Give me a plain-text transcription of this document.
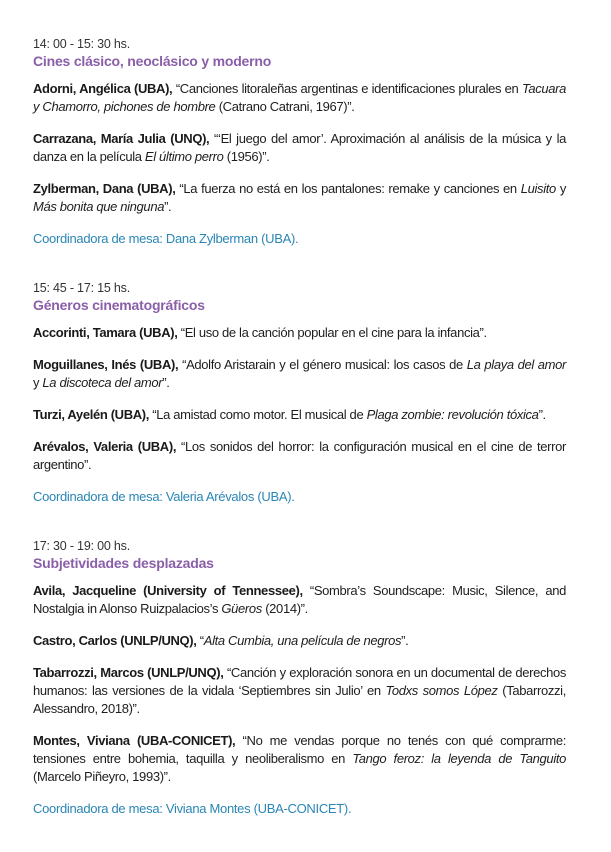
14: 00 - 15: 30 hs.
Cines clásico, neoclásico y moderno
Adorni, Angélica (UBA), “Canciones litoraleñas argentinas e identificaciones plurales en Tacuara y Chamorro, pichones de hombre (Catrano Catrani, 1967)”.
Carrazana, María Julia (UNQ), “‘El juego del amor’. Aproximación al análisis de la música y la danza en la película El último perro (1956)”.
Zylberman, Dana (UBA), “La fuerza no está en los pantalones: remake y canciones en Luisito y Más bonita que ninguna”.
Coordinadora de mesa: Dana Zylberman (UBA).
15: 45 - 17: 15 hs.
Géneros cinematográficos
Accorinti, Tamara (UBA), “El uso de la canción popular en el cine para la infancia”.
Moguillanes, Inés (UBA), “Adolfo Aristarain y el género musical: los casos de La playa del amor y La discoteca del amor”.
Turzi, Ayelén (UBA), “La amistad como motor. El musical de Plaga zombie: revolución tóxica”.
Arévalos, Valeria (UBA), “Los sonidos del horror: la configuración musical en el cine de terror argentino”.
Coordinadora de mesa: Valeria Arévalos (UBA).
17: 30 - 19: 00 hs.
Subjetividades desplazadas
Avila, Jacqueline (University of Tennessee), “Sombra’s Soundscape: Music, Silence, and Nostalgia in Alonso Ruizpalacios’s Güeros (2014)”.
Castro, Carlos (UNLP/UNQ), “Alta Cumbia, una película de negros”.
Tabarrozzi, Marcos (UNLP/UNQ), “Canción y exploración sonora en un documental de derechos humanos: las versiones de la vidala ‘Septiembres sin Julio’ en Todxs somos López (Tabarrozzi, Alessandro, 2018)”.
Montes, Viviana (UBA-CONICET), “No me vendas porque no tenés con qué comprarme: tensiones entre bohemia, taquilla y neoliberalismo en Tango feroz: la leyenda de Tanguito (Marcelo Piñeyro, 1993)”.
Coordinadora de mesa: Viviana Montes (UBA-CONICET).
